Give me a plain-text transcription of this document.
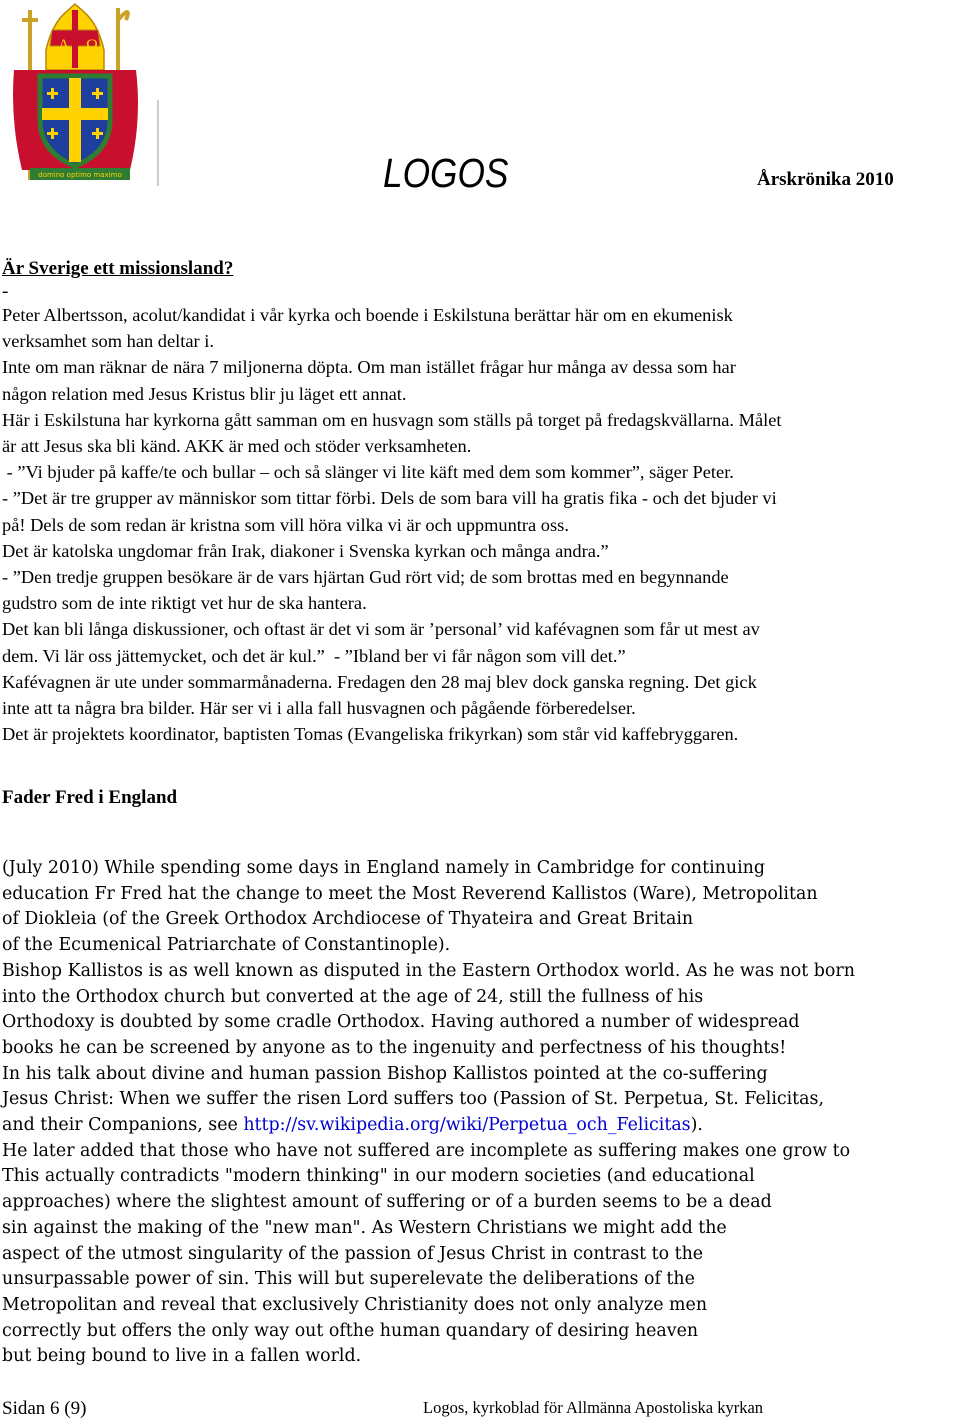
A Ω
domino optimo maximo	LOGOS	Årskrönika 2010
Är Sverige ett missionsland?
-
Peter Albertsson, acolut/kandidat i vår kyrka och boende i Eskilstuna berättar här om en ekumenisk
verksamhet som han deltar i.
Inte om man räknar de nära 7 miljonerna döpta. Om man istället frågar hur många av dessa som har
någon relation med Jesus Kristus blir ju läget ett annat.
Här i Eskilstuna har kyrkorna gått samman om en husvagn som ställs på torget på fredagskvällarna. Målet
är att Jesus ska bli känd. AKK är med och stöder verksamheten.
- ”Vi bjuder på kaffe/te och bullar – och så slänger vi lite käft med dem som kommer”, säger Peter.
- ”Det är tre grupper av människor som tittar förbi. Dels de som bara vill ha gratis fika - och det bjuder vi
på! Dels de som redan är kristna som vill höra vilka vi är och uppmuntra oss.
Det är katolska ungdomar från Irak, diakoner i Svenska kyrkan och många andra.”
- ”Den tredje gruppen besökare är de vars hjärtan Gud rört vid; de som brottas med en begynnande
gudstro som de inte riktigt vet hur de ska hantera.
Det kan bli långa diskussioner, och oftast är det vi som är ’personal’ vid kafévagnen som får ut mest av
dem. Vi lär oss jättemycket, och det är kul.”  - ”Ibland ber vi får någon som vill det.”
Kafévagnen är ute under sommarmånaderna. Fredagen den 28 maj blev dock ganska regning. Det gick
inte att ta några bra bilder. Här ser vi i alla fall husvagnen och pågående förberedelser.
Det är projektets koordinator, baptisten Tomas (Evangeliska frikyrkan) som står vid kaffebryggaren.
Fader Fred i England
(July 2010) While spending some days in England namely in Cambridge for continuing
education Fr Fred hat the change to meet the Most Reverend Kallistos (Ware), Metropolitan
of Diokleia (of the Greek Orthodox Archdiocese of Thyateira and Great Britain
of the Ecumenical Patriarchate of Constantinople).
Bishop Kallistos is as well known as disputed in the Eastern Orthodox world. As he was not born
into the Orthodox church but converted at the age of 24, still the fullness of his
Orthodoxy is doubted by some cradle Orthodox. Having authored a number of widespread
books he can be screened by anyone as to the ingenuity and perfectness of his thoughts!
In his talk about divine and human passion Bishop Kallistos pointed at the co-suffering
Jesus Christ: When we suffer the risen Lord suffers too (Passion of St. Perpetua, St. Felicitas,
and their Companions, see http://sv.wikipedia.org/wiki/Perpetua_och_Felicitas).
He later added that those who have not suffered are incomplete as suffering makes one grow to
This actually contradicts "modern thinking" in our modern societies (and educational
approaches) where the slightest amount of suffering or of a burden seems to be a dead
sin against the making of the "new man". As Western Christians we might add the
aspect of the utmost singularity of the passion of Jesus Christ in contrast to the
unsurpassable power of sin. This will but superelevate the deliberations of the
Metropolitan and reveal that exclusively Christianity does not only analyze men
correctly but offers the only way out ofthe human quandary of desiring heaven
but being bound to live in a fallen world.
Sidan 6 (9)	Logos, kyrkoblad för Allmänna Apostoliska kyrkan
